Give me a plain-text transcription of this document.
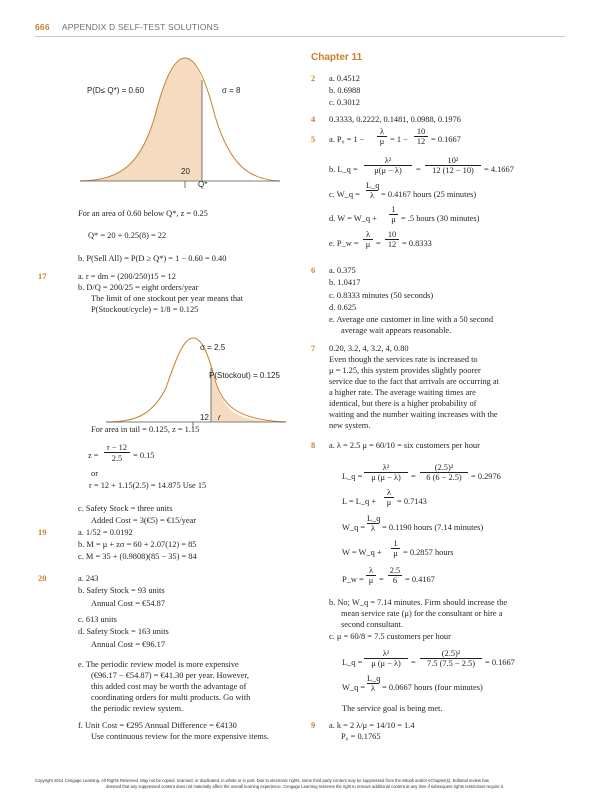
666 APPENDIX D SELF-TEST SOLUTIONS
P(D≤ Q*) = 0.60	σ = 8
20
Q*
For an area of 0.60 below Q*, z = 0.25
Q* = 20 + 0.25(8) = 22
b. P(Sell All) = P(D ≥ Q*) = 1 − 0.60 = 0.40
17	a. r = dm = (200/250)15 = 12
b. D/Q = 200/25 = eight orders/year
The limit of one stockout per year means that
P(Stockout/cycle) = 1/8 = 0.125
σ = 2.5
P(Stockout) = 0.125
12 r
For area in tail = 0.125, z = 1.15
z =
r − 12
2.5	= 0.15
or
r = 12 + 1.15(2.5) = 14.875 Use 15
c. Safety Stock = three units
Added Cost = 3(€5) = €15/year
19	a. 1/52 = 0.0192
b. M = μ + zσ = 60 + 2.07(12) = 85
c. M = 35 + (0.9808)(85 − 35) = 84
20	a. 243
b. Safety Stock = 93 units
Annual Cost = €54.87
c. 613 units
d. Safety Stock = 163 units
Annual Cost = €96.17
e. The periodic review model is more expensive
(€96.17 − €54.87) = €41.30 per year. However,
this added cost may be worth the advantage of
coordinating orders for multi products. Go with
the periodic review system.
f. Unit Cost = €295 Annual Difference = €4130
Use continuous review for the more expensive items.
Chapter 11
2 a. 0.4512
b. 0.6988
c. 0.3012
4 0.3333, 0.2222, 0.1481, 0.0988, 0.1976
5 a. P₀ = 1 −
λ
μ = 1 −
10
12 = 0.1667
b. L_q =
λ²
μ(μ − λ)	=
10²
12 (12 − 10)	= 4.1667
c. W_q =
L_q
λ = 0.4167 hours (25 minutes)
d. W = W_q +
1
μ = .5 hours (30 minutes)
e. P_w =
λ
μ =
10
12 = 0.8333
6 a. 0.375
b. 1.0417
c. 0.8333 minutes (50 seconds)
d. 0.625
e. Average one customer in line with a 50 second
average wait appears reasonable.
7 0.20, 3.2, 4, 3.2, 4, 0.80
Even though the services rate is increased to
μ = 1.25, this system provides slightly poorer
service due to the fact that arrivals are occurring at
a higher rate. The average waiting times are
identical, but there is a higher probability of
waiting and the number waiting increases with the
new system.
8 a. λ = 2.5 μ = 60/10 = six customers per hour
L_q =
λ²
μ (μ − λ)	=
(2.5)²
6 (6 − 2.5)	= 0.2976
L = L_q +
λ
μ = 0.7143
W_q =
L_q
λ = 0.1190 hours (7.14 minutes)
W = W_q +
1
μ = 0.2857 hours
P_w =
λ
μ =
2.5
6 = 0.4167
b. No; W_q = 7.14 minutes. Firm should increase the
mean service rate (μ) for the consultant or hire a
second consultant.
c. μ = 60/8 = 7.5 customers per hour
L_q =
λ²
μ (μ − λ)	=
(2.5)²
7.5 (7.5 − 2.5)	= 0.1667
W_q =
L_q
λ = 0.0667 hours (four minutes)
The service goal is being met.
9 a. k = 2 λ/μ = 14/10 = 1.4
P₀ = 0.1765
Copyright 2014 Cengage Learning. All Rights Reserved. May not be copied, scanned, or duplicated, in whole or in part. Due to electronic rights, some third party content may be suppressed from the eBook and/or eChapter(s). Editorial review has
deemed that any suppressed content does not materially affect the overall learning experience. Cengage Learning reserves the right to remove additional content at any time if subsequent rights restrictions require it.
